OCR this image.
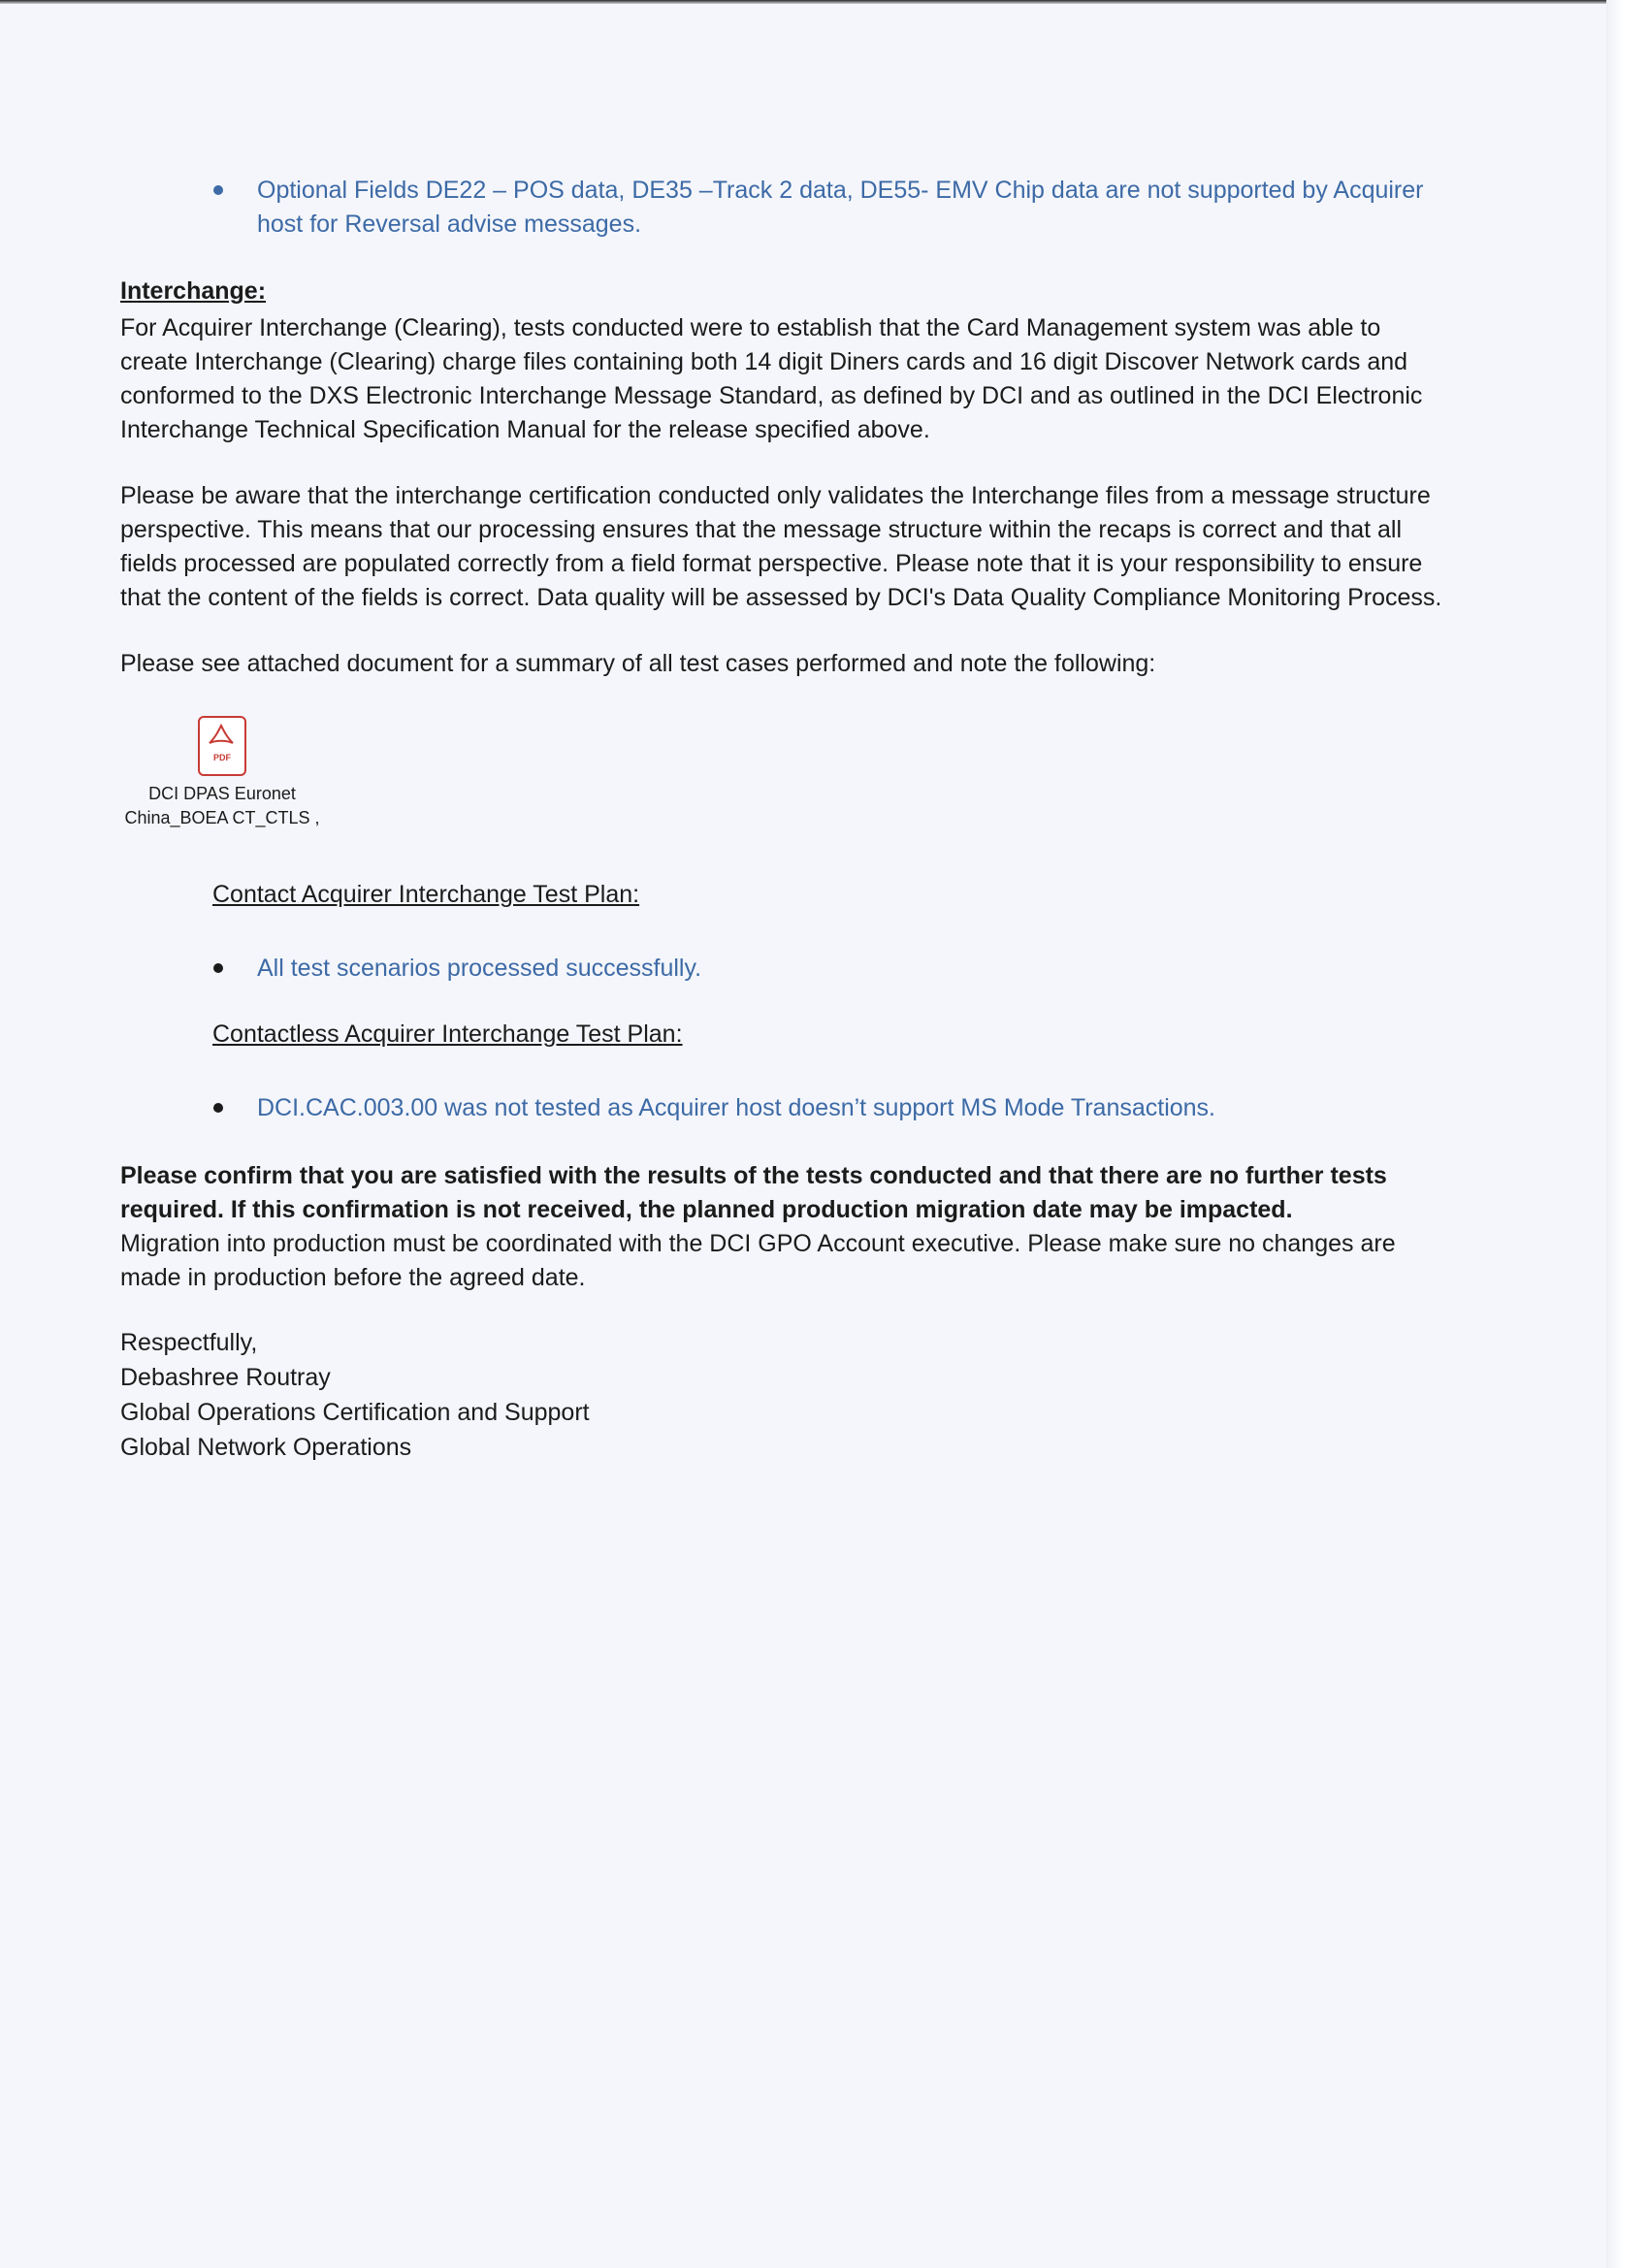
Optional Fields DE22 – POS data, DE35 –Track 2 data, DE55- EMV Chip data are not supported by Acquirer
host for Reversal advise messages.
Interchange:
For Acquirer Interchange (Clearing), tests conducted were to establish that the Card Management system was able to
create Interchange (Clearing) charge files containing both 14 digit Diners cards and 16 digit Discover Network cards and
conformed to the DXS Electronic Interchange Message Standard, as defined by DCI and as outlined in the DCI Electronic
Interchange Technical Specification Manual for the release specified above.
Please be aware that the interchange certification conducted only validates the Interchange files from a message structure
perspective. This means that our processing ensures that the message structure within the recaps is correct and that all
fields processed are populated correctly from a field format perspective. Please note that it is your responsibility to ensure
that the content of the fields is correct. Data quality will be assessed by DCI's Data Quality Compliance Monitoring Process.
Please see attached document for a summary of all test cases performed and note the following:
PDF
DCI DPAS Euronet
China_BOEA CT_CTLS ,
Contact Acquirer Interchange Test Plan:
All test scenarios processed successfully.
Contactless Acquirer Interchange Test Plan:
DCI.CAC.003.00 was not tested as Acquirer host doesn’t support MS Mode Transactions.
Please confirm that you are satisfied with the results of the tests conducted and that there are no further tests
required. If this confirmation is not received, the planned production migration date may be impacted.
Migration into production must be coordinated with the DCI GPO Account executive. Please make sure no changes are
made in production before the agreed date.
Respectfully,
Debashree Routray
Global Operations Certification and Support
Global Network Operations
